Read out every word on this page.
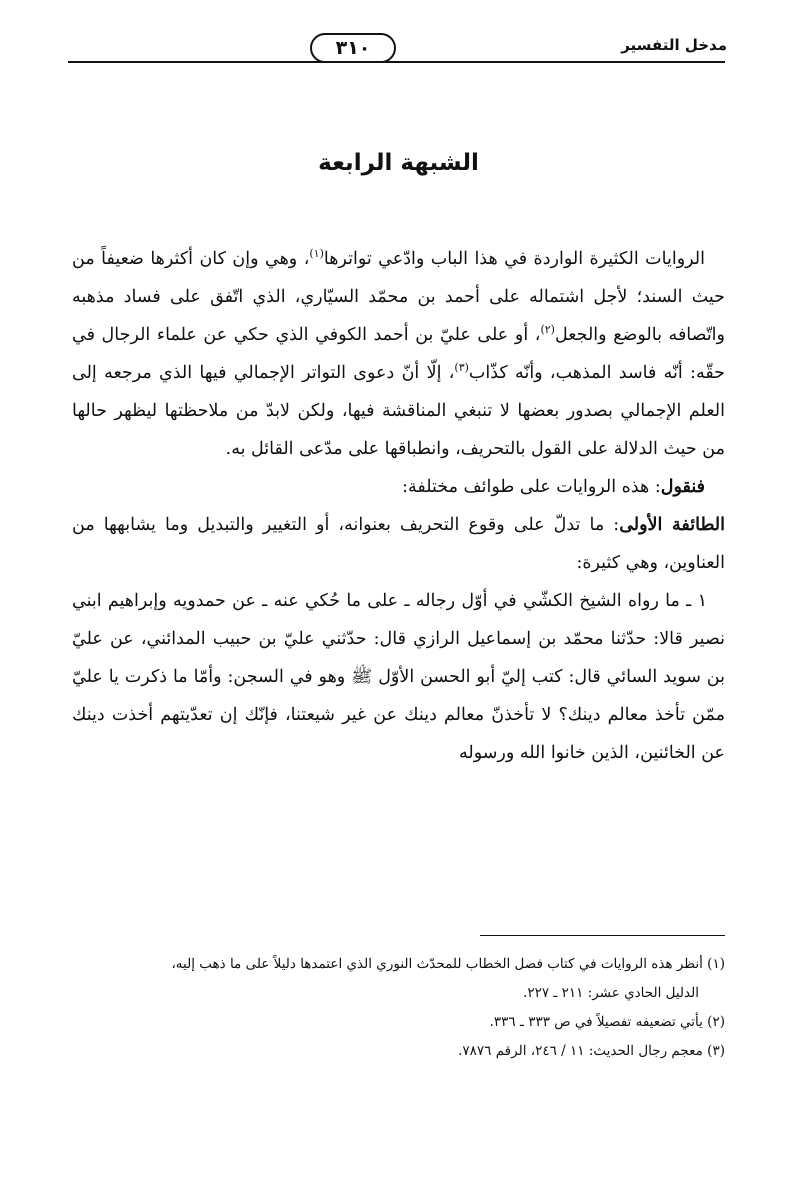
مدخل التفسير
٣١٠
الشبهة الرابعة

الروايات الكثيرة الواردة في هذا الباب وادّعي تواترها$^{(١)}$، وهي وإن كان أكثرها ضعيفاً من حيث السند؛ لأجل اشتماله على أحمد بن محمّد السيّاري، الذي اتّفق على فساد مذهبه واتّصافه بالوضع والجعل$^{(٢)}$، أو على عليّ بن أحمد الكوفي الذي حكي عن علماء الرجال في حقّه: أنّه فاسد المذهب، وأنّه كذّاب$^{(٣)}$، إلّا أنّ دعوى التواتر الإجمالي فيها الذي مرجعه إلى العلم الإجمالي بصدور بعضها لا تنبغي المناقشة فيها، ولكن لابدّ من ملاحظتها ليظهر حالها من حيث الدلالة على القول بالتحريف، وانطباقها على مدّعى القائل به.

فنقول: هذه الروايات على طوائف مختلفة:

الطائفة الأولى: ما تدلّ على وقوع التحريف بعنوانه، أو التغيير والتبديل وما يشابهها من العناوين، وهي كثيرة:

١ ـ ما رواه الشيخ الكشّي في أوّل رجاله ـ على ما حُكي عنه ـ عن حمدويه وإبراهيم ابني نصير قالا: حدّثنا محمّد بن إسماعيل الرازي قال: حدّثني عليّ بن حبيب المدائني، عن عليّ بن سويد السائي قال: كتب إليّ أبو الحسن الأوّل ﷺ وهو في السجن: وأمّا ما ذكرت يا عليّ ممّن تأخذ معالم دينك؟ لا تأخذنّ معالم دينك عن غير شيعتنا، فإنّك إن تعدّيتهم أخذت دينك عن الخائنين، الذين خانوا الله ورسوله

(١) أنظر هذه الروايات في كتاب فصل الخطاب للمحدّث النوري الذي اعتمدها دليلاً على ما ذهب إليه،

الدليل الحادي عشر: ٢١١ ـ ٢٢٧.

(٢) يأتي تضعيفه تفصيلاً في ص ٣٣٣ ـ ٣٣٦.

(٣) معجم رجال الحديث: ١١ / ٢٤٦، الرقم ٧٨٧٦.
